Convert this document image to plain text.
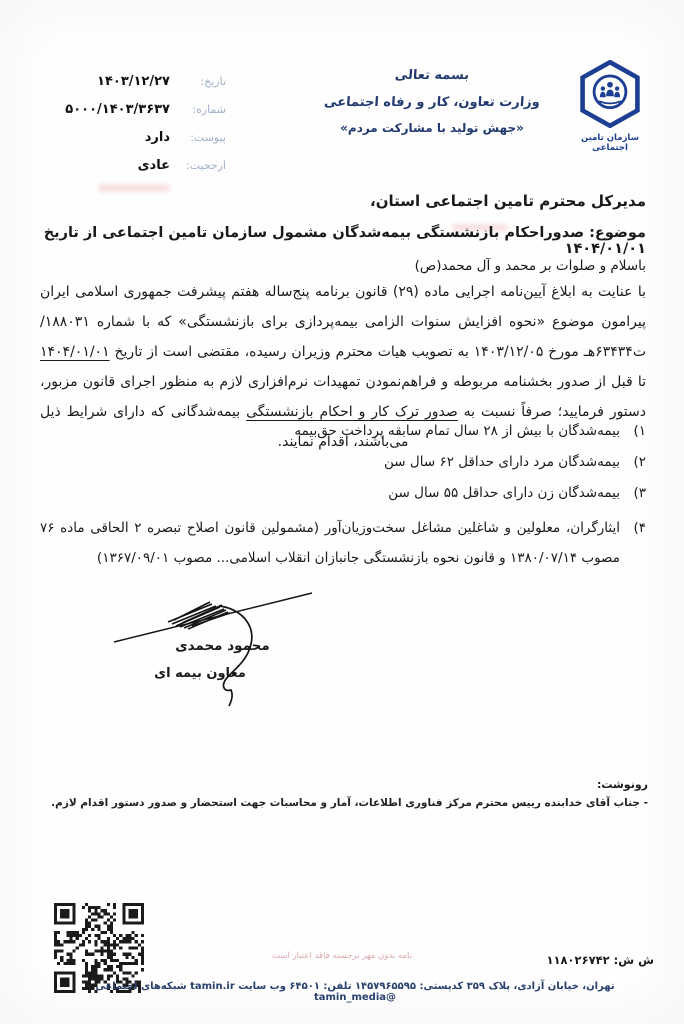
تاریخ:
۱۴۰۳/۱۲/۲۷
شماره:
۵۰۰۰/۱۴۰۳/۳۶۳۷
پیوست:
دارد
ارجحیت:
عادی
بسمه تعالی
وزارت تعاون، کار و رفاه اجتماعی
«جهش تولید با مشارکت مردم»
سازمان تامین اجتماعی
مدیرکل محترم تامین اجتماعی استان،
موضوع: صدوراحکام بازنشستگی بیمه‌شدگان مشمول سازمان تامین اجتماعی از تاریخ ۱۴۰۴/۰۱/۰۱
باسلام و صلوات بر محمد و آل محمد(ص)

با عنایت به ابلاغ آیین‌نامه اجرایی ماده (۲۹) قانون برنامه پنج‌ساله هفتم پیشرفت جمهوری اسلامی ایران پیرامون موضوع «نحوه افزایش سنوات الزامی بیمه‌پردازی برای بازنشستگی» که با شماره ۱۸۸۰۳۱/ت۶۳۴۳۴هـ مورخ ۱۴۰۳/۱۲/۰۵ به تصویب هیات محترم وزیران رسیده، مقتضی است از تاریخ ۱۴۰۴/۰۱/۰۱ تا قبل از صدور بخشنامه مربوطه و فراهم‌نمودن تمهیدات نرم‌افزاری لازم به منظور اجرای قانون مزبور، دستور فرمایید؛ صرفاً نسبت به صدور ترک کار و احکام بازنشستگی بیمه‌شدگانی که دارای شرایط ذیل می‌باشند، اقدام نمایند.

۱)
بیمه‌شدگان با بیش از ۲۸ سال تمام سابقه پرداخت حق‌بیمه
۲)
بیمه‌شدگان مرد دارای حداقل ۶۲ سال سن
۳)
بیمه‌شدگان زن دارای حداقل ۵۵ سال سن
۴)
ایثارگران، معلولین و شاغلین مشاغل سخت‌وزیان‌آور (مشمولین قانون اصلاح تبصره ۲ الحاقی ماده ۷۶ مصوب ۱۳۸۰/۰۷/۱۴ و قانون نحوه بازنشستگی جانبازان انقلاب اسلامی... مصوب ۱۳۶۷/۰۹/۰۱)
محمود محمدی
معاون بیمه ای
رونوشت:
- جناب آقای خدابنده رییس محترم مرکز فناوری اطلاعات، آمار و محاسبات جهت استحضار و صدور دستور اقدام لازم.
ش ش: ۱۱۸۰۲۶۷۴۲
نامه بدون مهر برجسته فاقد اعتبار است
تهران، خیابان آزادی، پلاک ۳۵۹ کدپستی: ۱۴۵۷۹۶۵۵۹۵ تلفن: ۶۴۵۰۱ وب سایت tamin.ir شبکه‌های اجتماعی @tamin_media
